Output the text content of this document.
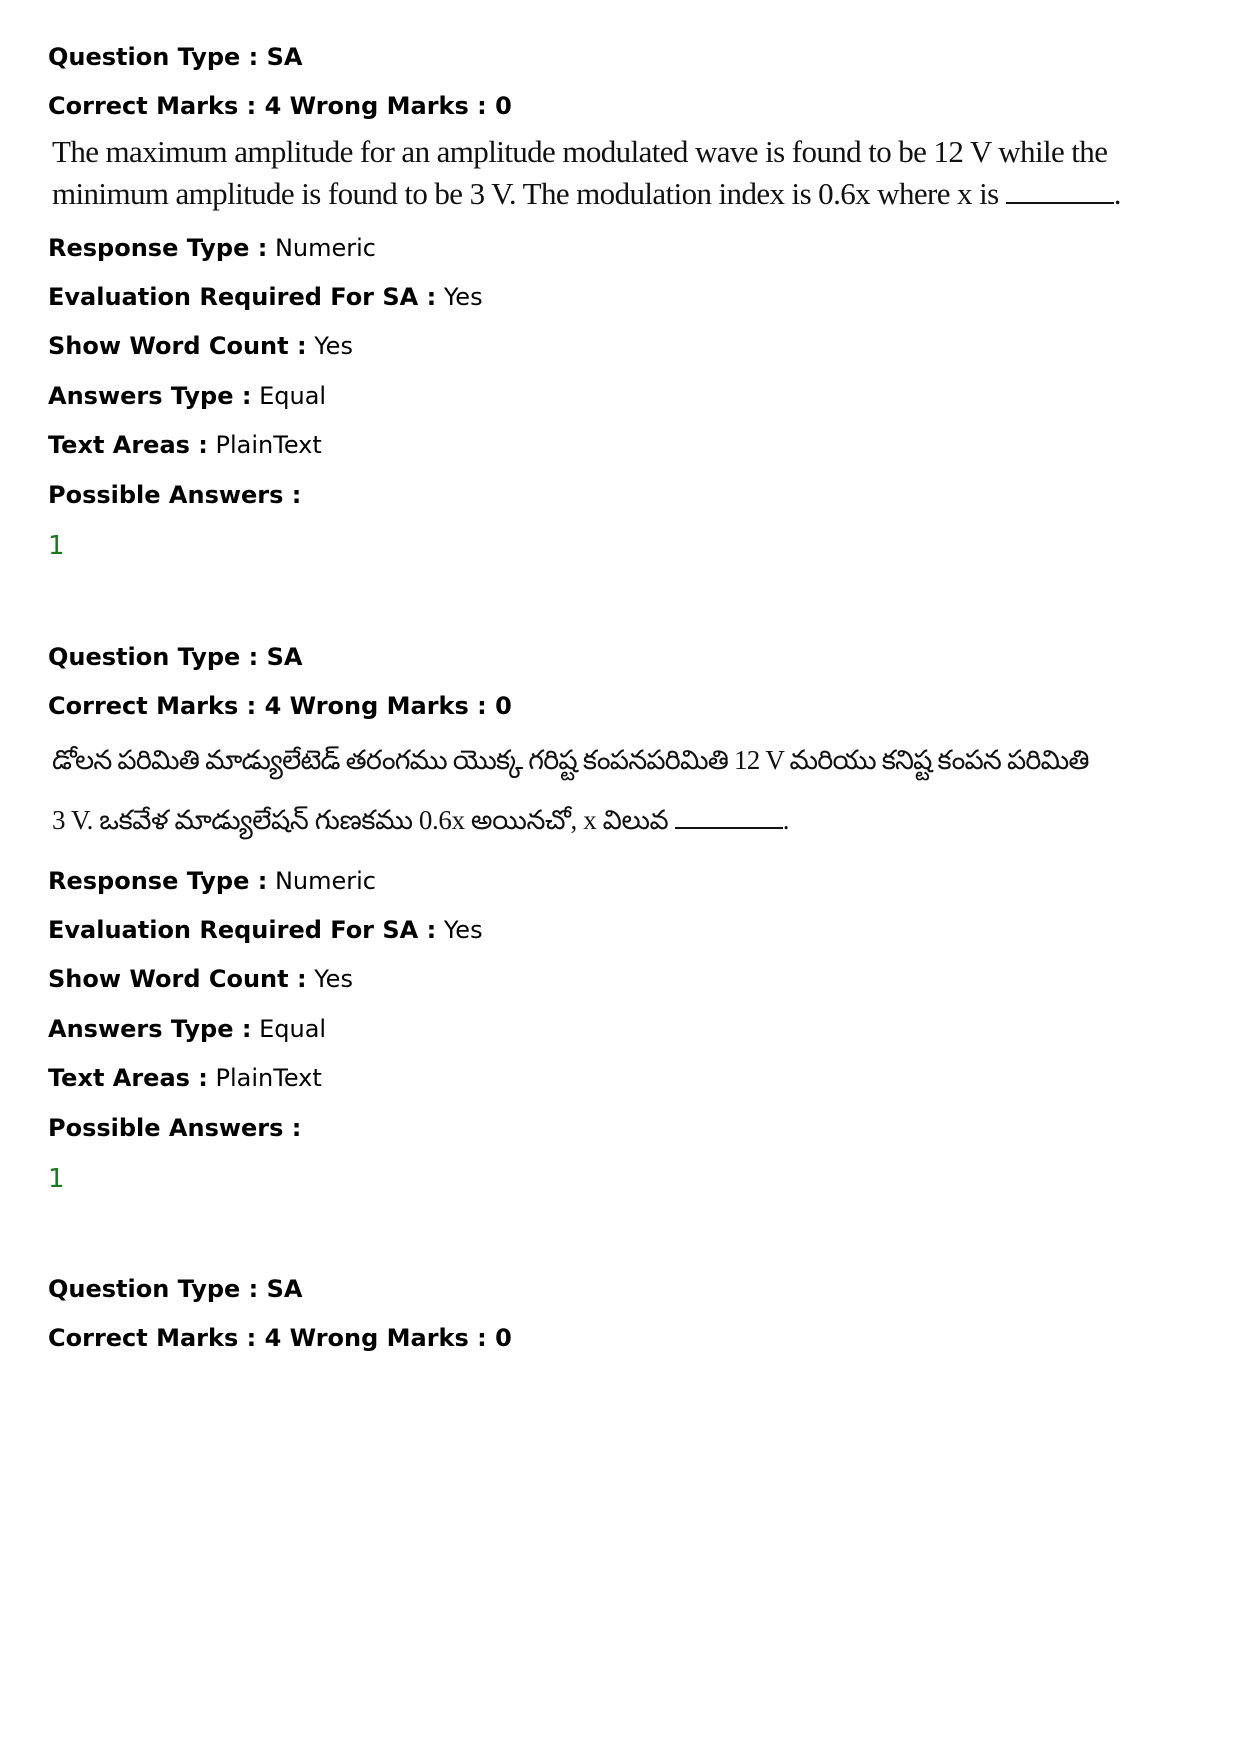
Question Type : SA
Correct Marks : 4 Wrong Marks : 0
The maximum amplitude for an amplitude modulated wave is found to be 12 V while the
minimum amplitude is found to be 3 V. The modulation index is 0.6x where x is	.
Response Type : Numeric
Evaluation Required For SA : Yes
Show Word Count : Yes
Answers Type : Equal
Text Areas : PlainText
Possible Answers :
1
Question Type : SA
Correct Marks : 4 Wrong Marks : 0
డోలన పరిమితి మాడ్యులేటెడ్ తరంగము యొక్క గరిష్ట కంపనపరిమితి 12 V మరియు కనిష్ట కంపన పరిమితి
3 V. ఒకవేళ మాడ్యులేషన్ గుణకము 0.6x అయినచో, x విలువ	.
Response Type : Numeric
Evaluation Required For SA : Yes
Show Word Count : Yes
Answers Type : Equal
Text Areas : PlainText
Possible Answers :
1
Question Type : SA
Correct Marks : 4 Wrong Marks : 0
